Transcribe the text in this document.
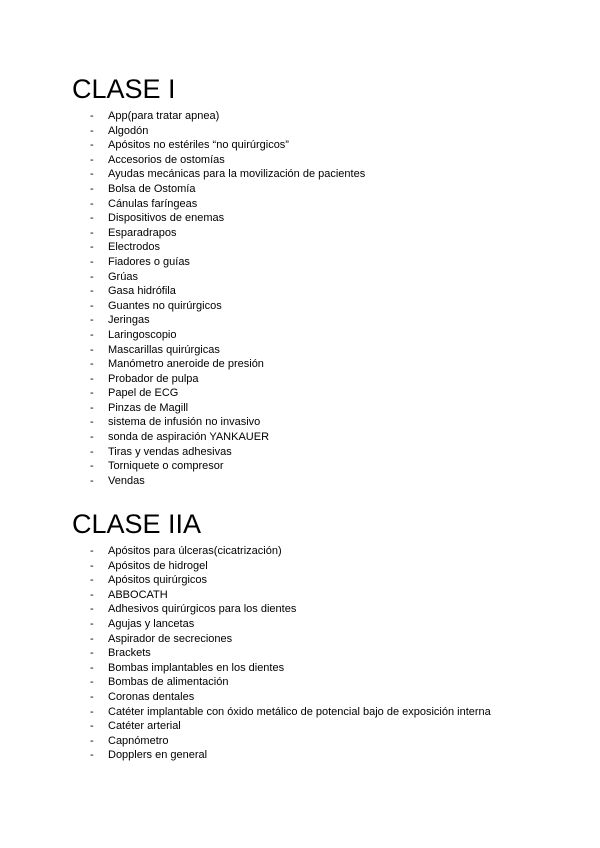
CLASE I
- App(para tratar apnea)
- Algodón
- Apósitos no estériles “no quirúrgicos”
- Accesorios de ostomías
- Ayudas mecánicas para la movilización de pacientes
- Bolsa de Ostomía
- Cánulas faríngeas
- Dispositivos de enemas
- Esparadrapos
- Electrodos
- Fiadores o guías
- Grúas
- Gasa hidrófila
- Guantes no quirúrgicos
- Jeringas
- Laringoscopio
- Mascarillas quirúrgicas
- Manómetro aneroide de presión
- Probador de pulpa
- Papel de ECG
- Pinzas de Magill
- sistema de infusión no invasivo
- sonda de aspiración YANKAUER
- Tiras y vendas adhesivas
- Torniquete o compresor
- Vendas
CLASE IIA
- Apósitos para úlceras(cicatrización)
- Apósitos de hidrogel
- Apósitos quirúrgicos
- ABBOCATH
- Adhesivos quirúrgicos para los dientes
- Agujas y lancetas
- Aspirador de secreciones
- Brackets
- Bombas implantables en los dientes
- Bombas de alimentación
- Coronas dentales
- Catéter implantable con óxido metálico de potencial bajo de exposición interna
- Catéter arterial
- Capnómetro
- Dopplers en general
